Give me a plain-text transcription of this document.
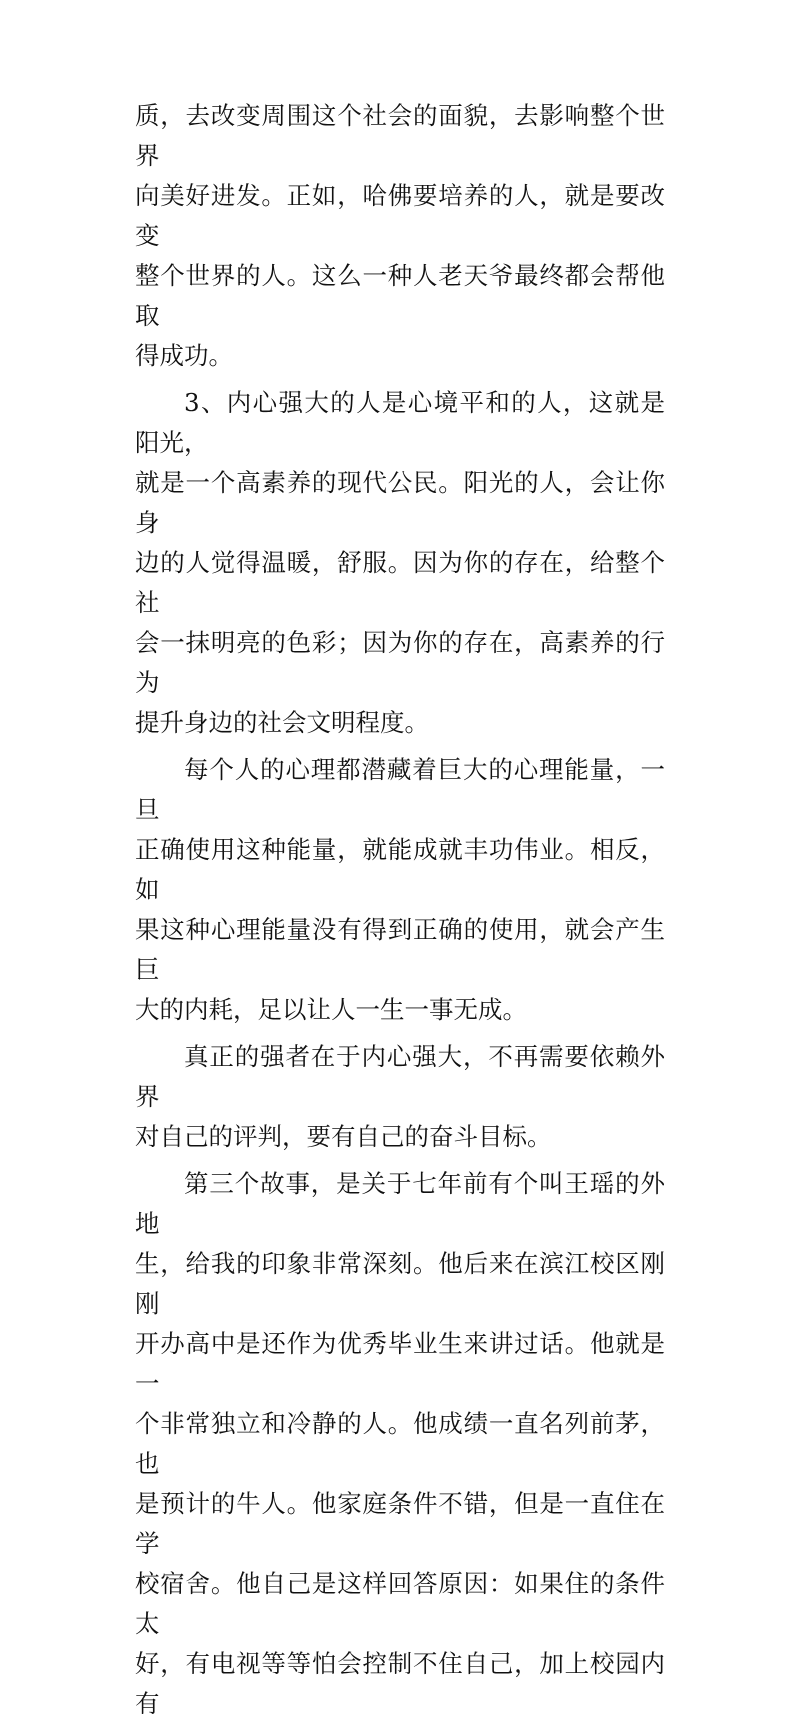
质，去改变周围这个社会的面貌，去影响整个世界
向美好进发。正如，哈佛要培养的人，就是要改变
整个世界的人。这么一种人老天爷最终都会帮他取
得成功。

3、内心强大的人是心境平和的人，这就是阳光，
就是一个高素养的现代公民。阳光的人，会让你身
边的人觉得温暖，舒服。因为你的存在，给整个社
会一抹明亮的色彩；因为你的存在，高素养的行为
提升身边的社会文明程度。

每个人的心理都潜藏着巨大的心理能量，一旦
正确使用这种能量，就能成就丰功伟业。相反，如
果这种心理能量没有得到正确的使用，就会产生巨
大的内耗，足以让人一生一事无成。

真正的强者在于内心强大，不再需要依赖外界
对自己的评判，要有自己的奋斗目标。

第三个故事，是关于七年前有个叫王瑶的外地
生，给我的印象非常深刻。他后来在滨江校区刚刚
开办高中是还作为优秀毕业生来讲过话。他就是一
个非常独立和冷静的人。他成绩一直名列前茅，也
是预计的牛人。他家庭条件不错，但是一直住在学
校宿舍。他自己是这样回答原因：如果住的条件太
好，有电视等等怕会控制不住自己，加上校园内有
